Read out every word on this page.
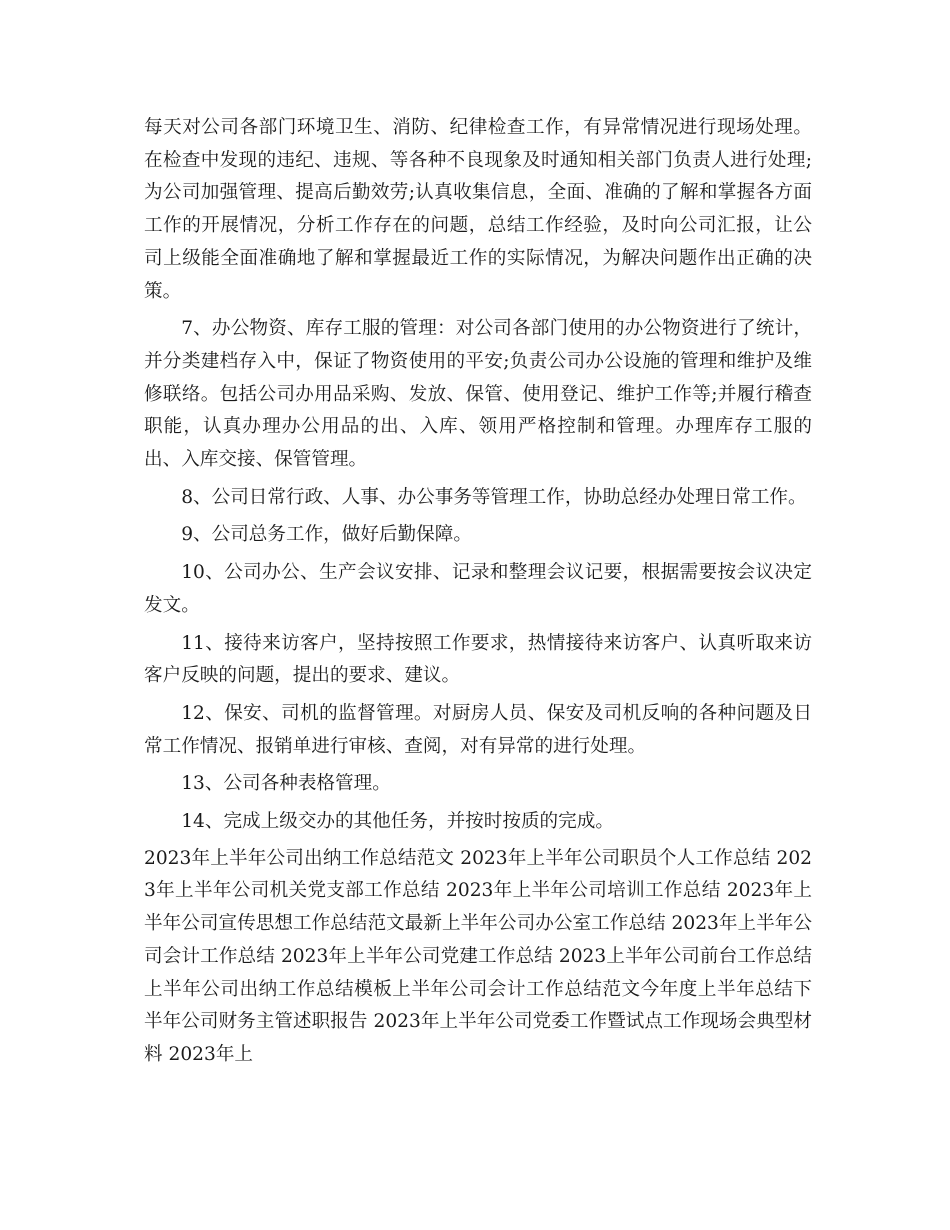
每天对公司各部门环境卫生、消防、纪律检查工作，有异常情况进行现场处理。在检查中发现的违纪、违规、等各种不良现象及时通知相关部门负责人进行处理;为公司加强管理、提高后勤效劳;认真收集信息，全面、准确的了解和掌握各方面工作的开展情况，分析工作存在的问题，总结工作经验，及时向公司汇报，让公司上级能全面准确地了解和掌握最近工作的实际情况，为解决问题作出正确的决策。

7、办公物资、库存工服的管理：对公司各部门使用的办公物资进行了统计，并分类建档存入中，保证了物资使用的平安;负责公司办公设施的管理和维护及维修联络。包括公司办用品采购、发放、保管、使用登记、维护工作等;并履行稽查职能，认真办理办公用品的出、入库、领用严格控制和管理。办理库存工服的出、入库交接、保管管理。

8、公司日常行政、人事、办公事务等管理工作，协助总经办处理日常工作。

9、公司总务工作，做好后勤保障。

10、公司办公、生产会议安排、记录和整理会议记要，根据需要按会议决定发文。

11、接待来访客户，坚持按照工作要求，热情接待来访客户、认真听取来访客户反映的问题，提出的要求、建议。

12、保安、司机的监督管理。对厨房人员、保安及司机反响的各种问题及日常工作情况、报销单进行审核、查阅，对有异常的进行处理。

13、公司各种表格管理。

14、完成上级交办的其他任务，并按时按质的完成。

2023年上半年公司出纳工作总结范文 2023年上半年公司职员个人工作总结 2023年上半年公司机关党支部工作总结 2023年上半年公司培训工作总结 2023年上半年公司宣传思想工作总结范文最新上半年公司办公室工作总结 2023年上半年公司会计工作总结 2023年上半年公司党建工作总结 2023上半年公司前台工作总结上半年公司出纳工作总结模板上半年公司会计工作总结范文今年度上半年总结下半年公司财务主管述职报告 2023年上半年公司党委工作暨试点工作现场会典型材料 2023年上
